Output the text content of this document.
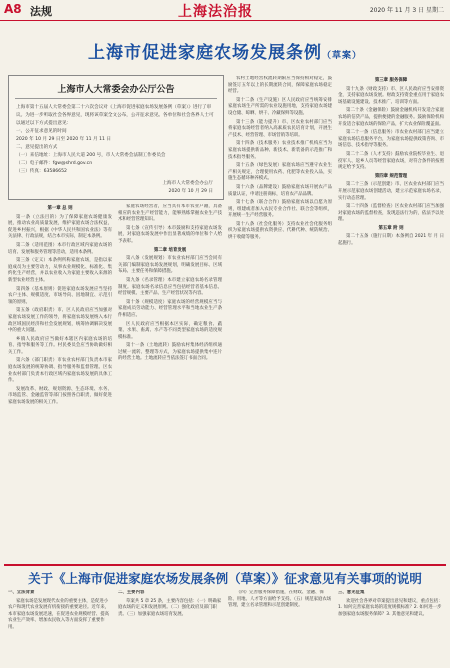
A8 法规	上海法治报	2020 年 11 月 3 日 星期二
上海市促进家庭农场发展条例（草案）
上海市人大常委会办公厅公告
上海市第十五届人大常委会第二十六次会议对《上海市促进家庭农场发展条例（草案）》进行了审议。为进一步听取社会各界意见，现将该草案全文公布，公开征求意见。各单位和社会各界人士可以通过以下方式提出意见：
一、公开征求意见的时间
2020 年 10 月 29 日至 2020 年 11 月 11 日
二、意见提出的方式
（一）来信地址：上海市人民大道 200 号，市人大常委会法制工作委员会
（二）电子邮件：fgw@shrd.gov.cn
（三）传真：63586652
上海市人大常委会办公厅
2020 年 10 月 29 日

第一章 总 则

第一条（立法目的）为了保障家庭农场健康发展，推动农业高质量发展，维护家庭农场合法权益，促进乡村振兴，根据《中华人民共和国农业法》等有关法律、行政法规，结合本市实际，制定本条例。

第二条（适用范围）本市行政区域内家庭农场的培育、发展和服务管理等活动，适用本条例。

第三条（定义）本条例所称家庭农场，是指以家庭成员为主要劳动力，从事农业规模化、标准化、集约化生产经营，并以农业收入为家庭主要收入来源的新型农业经营主体。

第四条（基本原则）促进家庭农场发展应当坚持农户主体、规模适度、市场导向、因地制宜、示范引领的原则。

第五条（政府职责）市、区人民政府应当加强对家庭农场发展工作的领导，将家庭农场发展纳入本行政区域国民经济和社会发展规划，统筹协调解决发展中的重大问题。

乡镇人民政府应当做好本辖区内家庭农场的培育、指导和服务等工作。村民委员会应当协助做好相关工作。

第六条（部门职责）市农业农村部门负责本市家庭农场发展的统筹协调、指导服务和监督管理。区农业农村部门负责本行政区域内家庭农场发展的具体工作。

发展改革、财政、规划资源、生态环境、水务、市场监管、金融监管等部门按照各自职责，做好促进家庭农场发展的相关工作。

家庭农场经营者，应当具有本市农业户籍，具备相应的农业生产经营能力，能够熟练掌握农业生产技术和经营管理知识。

第七条（宣传引导）本市鼓励和支持家庭农场发展，对家庭农场发展中作出显著成绩的单位和个人给予表彰。

第二章 培育发展

第八条（发展规划）市农业农村部门应当会同有关部门编制家庭农场发展规划，明确发展目标、区域布局、主要任务和保障措施。

第九条（名录管理）本市建立家庭农场名录管理制度。家庭农场名录信息应当包括经营者基本信息、经营规模、主要产品、生产经营状况等内容。

第十条（规模适度）家庭农场的经营规模应当与家庭成员劳动能力、经营管理水平和当地农业生产条件相适应。

区人民政府应当根据本区实际，确定粮食、蔬菜、水果、畜禽、水产等不同类型家庭农场的适度规模标准。

第十一条（土地流转）鼓励农村集体经济组织通过统一流转、整理等方式，为家庭农场提供集中连片的经营土地。土地流转应当依法签订书面合同。

农村土地经营权流转期限应当保持相对稳定，鼓励签订五年以上的长期流转合同，保障家庭农场稳定经营。

第十二条（生产设施）区人民政府应当统筹安排家庭农场生产所需的农业设施用地，支持家庭农场建设仓储、晾晒、烘干、冷藏保鲜等设施。

第十三条（能力提升）市、区农业农村部门应当将家庭农场经营者纳入高素质农民培育计划，开展生产技术、经营管理、市场营销等培训。

第十四条（技术服务）农业技术推广机构应当为家庭农场提供新品种、新技术、新装备的示范推广和技术指导服务。

第十五条（绿色发展）家庭农场应当遵守农业生产相关规定，合理使用农药、化肥等农业投入品，实施生态循环种养模式。

第十六条（品牌建设）鼓励家庭农场开展农产品质量认证，申请注册商标，培育农产品品牌。

第十七条（联合合作）鼓励家庭农场以自愿为原则，组建或者加入农民专业合作社、联合会等组织，开展统一生产经营服务。

第十八条（社会化服务）支持农业社会化服务组织为家庭农场提供农资供应、代耕代种、统防统治、烘干收储等服务。

第三章 服务保障

第十九条（财政支持）市、区人民政府应当安排资金，支持家庭农场发展。财政支持资金重点用于家庭农场基础设施建设、技术推广、培训等方面。

第二十条（金融保险）鼓励金融机构开发适合家庭农场的信贷产品，提供便捷的金融服务。鼓励保险机构开发适合家庭农场的保险产品，扩大农业保险覆盖面。

第二十一条（信息服务）市农业农村部门应当建立家庭农场信息服务平台，为家庭农场提供政策咨询、市场信息、技术指导等服务。

第二十二条（人才支持）鼓励农业院校毕业生、退役军人、返乡人员等经营家庭农场，对符合条件的按照规定给予支持。

第四章 规范管理

第二十三条（示范创建）市、区农业农村部门应当开展示范家庭农场创建活动，建立示范家庭农场名录，实行动态管理。

第二十四条（监督检查）区农业农村部门应当加强对家庭农场的监督检查，发现违法行为的，依法予以处理。

第五章 附 则

第二十五条（施行日期）本条例自 2021 年 月 日起施行。

关于《上海市促进家庭农场发展条例（草案）》征求意见有关事项的说明

一、立法背景

家庭农场是发展现代农业的重要主体，是促进小农户和现代农业发展有机衔接的重要途径。近年来，本市家庭农场发展迅速，在促进农业规模经营、提高农业生产效率、增加农民收入等方面发挥了重要作用。

二、主要内容

草案共 5 章 25 条，主要内容包括：（一）明确家庭农场的定义和发展原则。（二）强化政府及部门职责。（三）加强家庭农场培育发展。

（四）完善服务保障措施，在财政、金融、保险、用地、人才等方面给予支持。（五）规范家庭农场管理，建立名录管理和示范创建制度。

三、意见征集

欢迎社会各界对草案提出意见和建议，重点包括：1. 如何完善家庭农场的适度规模标准？2. 如何进一步加强家庭农场服务保障？3. 其他意见和建议。
